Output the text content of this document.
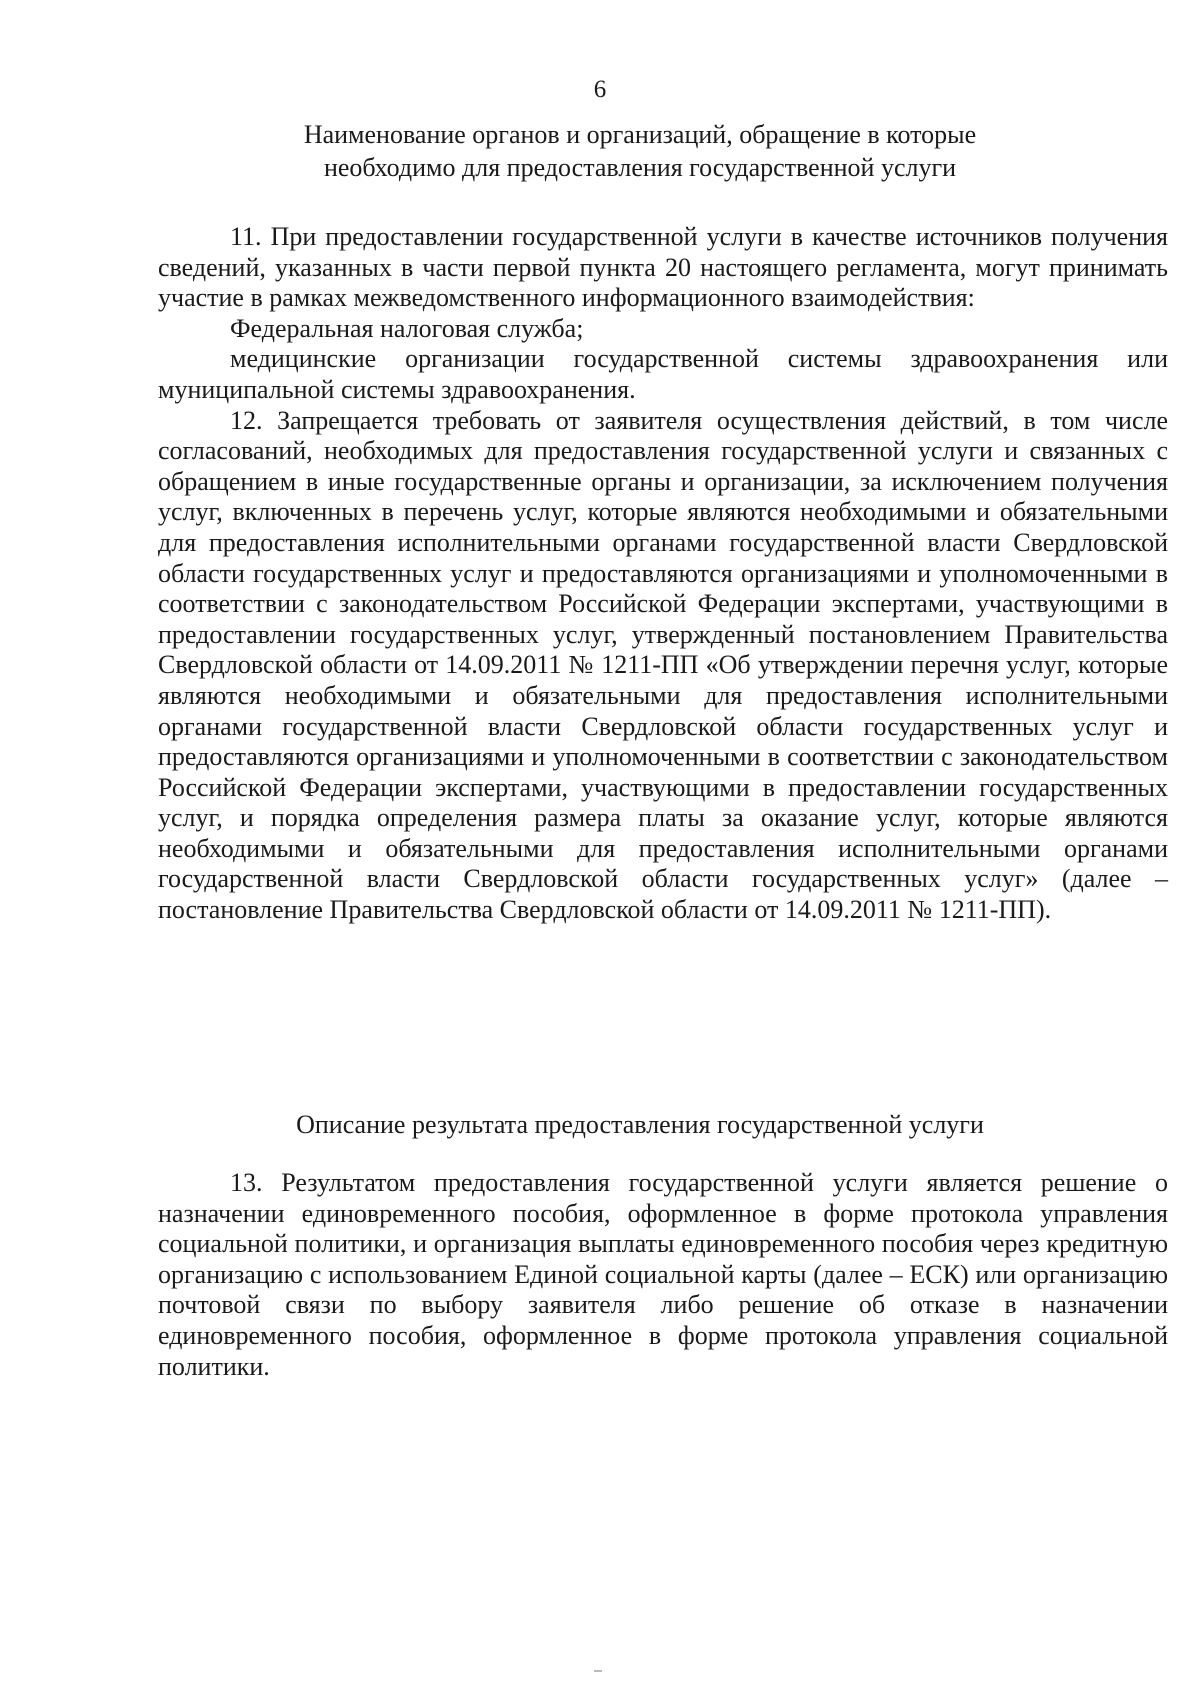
6
Наименование органов и организаций, обращение в которые
необходимо для предоставления государственной услуги

11. При предоставлении государственной услуги в качестве источников получения сведений, указанных в части первой пункта 20 настоящего регламента, могут принимать участие в рамках межведомственного информационного взаимодействия:

Федеральная налоговая служба;

медицинские организации государственной системы здравоохранения или муниципальной системы здравоохранения.

12. Запрещается требовать от заявителя осуществления действий, в том числе согласований, необходимых для предоставления государственной услуги и связанных с обращением в иные государственные органы и организации, за исключением получения услуг, включенных в перечень услуг, которые являются необходимыми и обязательными для предоставления исполнительными органами государственной власти Свердловской области государственных услуг и предоставляются организациями и уполномоченными в соответствии с законодательством Российской Федерации экспертами, участвующими в предоставлении государственных услуг, утвержденный постановлением Правительства Свердловской области от 14.09.2011 № 1211-ПП «Об утверждении перечня услуг, которые являются необходимыми и обязательными для предоставления исполнительными органами государственной власти Свердловской области государственных услуг и предоставляются организациями и уполномоченными в соответствии с законодательством Российской Федерации экспертами, участвующими в предоставлении государственных услуг, и порядка определения размера платы за оказание услуг, которые являются необходимыми и обязательными для предоставления исполнительными органами государственной власти Свердловской области государственных услуг» (далее – постановление Правительства Свердловской области от 14.09.2011 № 1211-ПП).

Описание результата предоставления государственной услуги

13. Результатом предоставления государственной услуги является решение о назначении единовременного пособия, оформленное в форме протокола управления социальной политики, и организация выплаты единовременного пособия через кредитную организацию с использованием Единой социальной карты (далее – ЕСК) или организацию почтовой связи по выбору заявителя либо решение об отказе в назначении единовременного пособия, оформленное в форме протокола управления социальной политики.
